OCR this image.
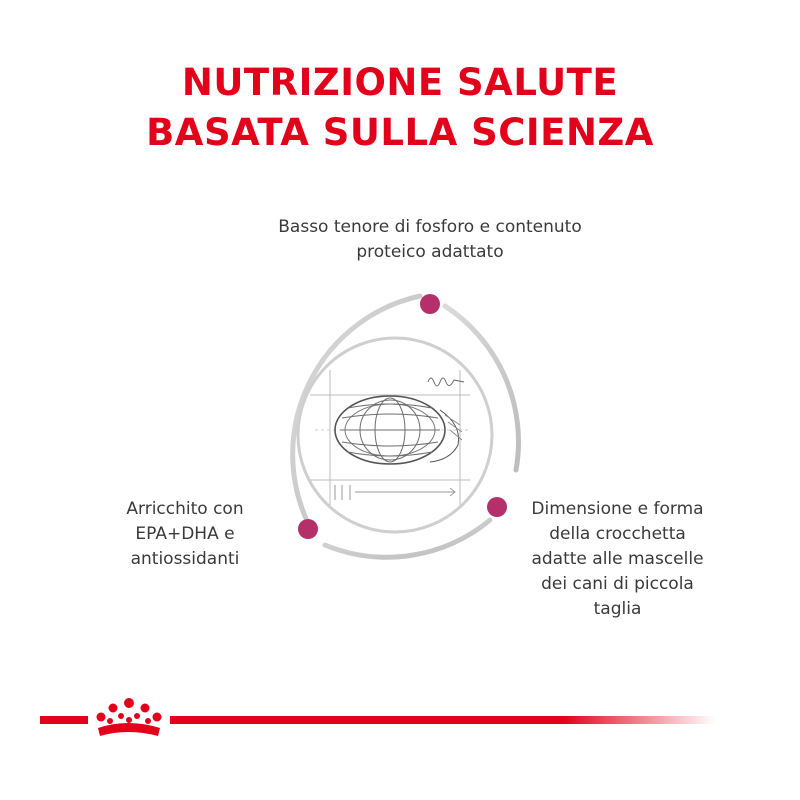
NUTRIZIONE SALUTE
BASATA SULLA SCIENZA
Basso tenore di fosforo e contenuto
proteico adattato
Arricchito con
EPA+DHA e
antiossidanti
Dimensione e forma
della crocchetta
adatte alle mascelle
dei cani di piccola
taglia
